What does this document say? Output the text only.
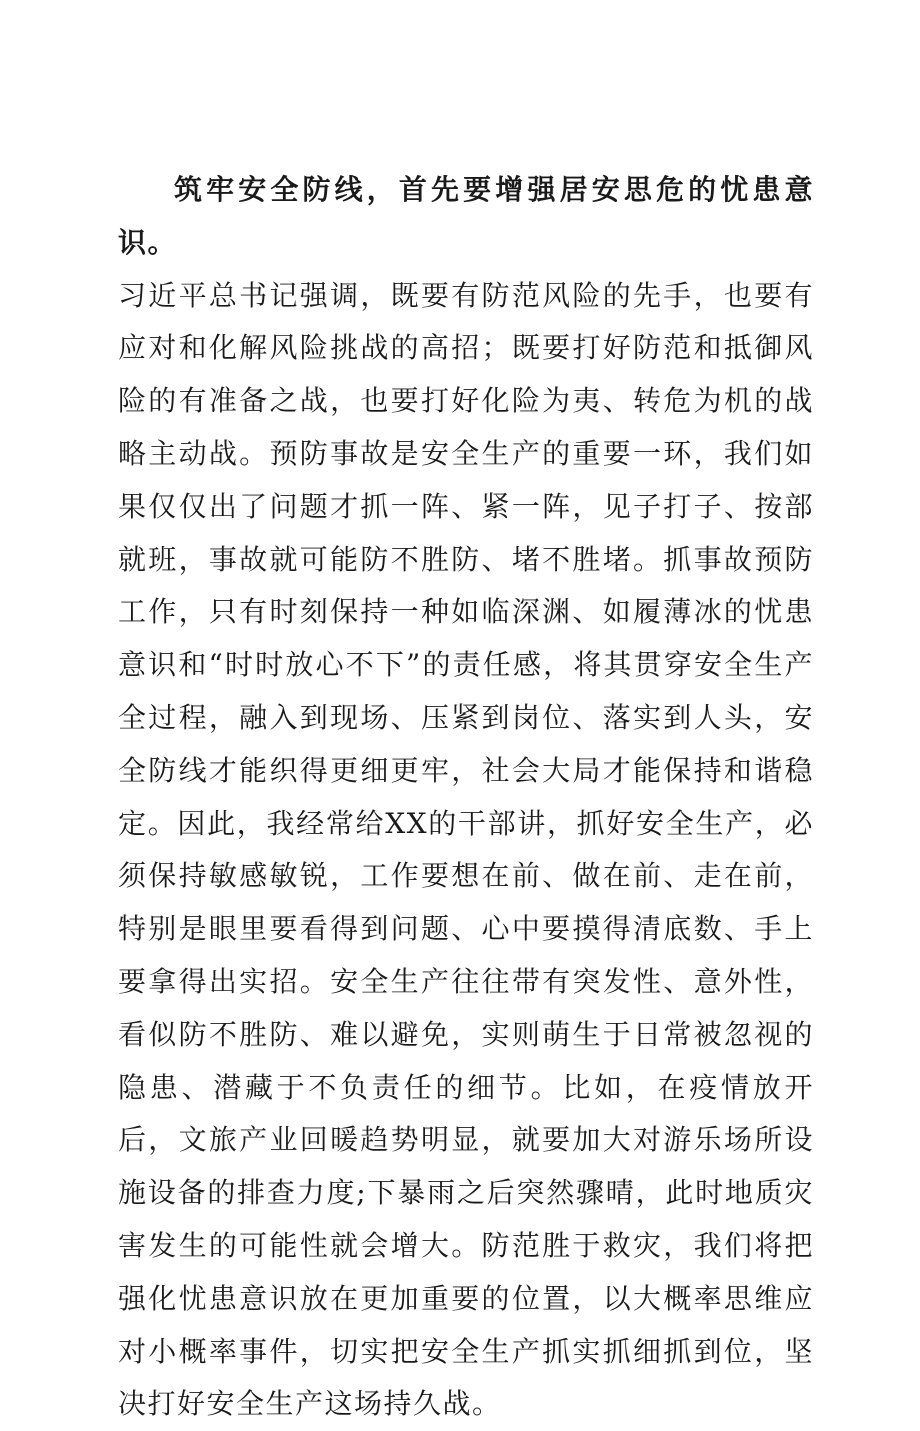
筑牢安全防线，首先要增强居安思危的忧患意识。

习近平总书记强调，既要有防范风险的先手，也要有应对和化解风险挑战的高招；既要打好防范和抵御风险的有准备之战，也要打好化险为夷、转危为机的战略主动战。预防事故是安全生产的重要一环，我们如果仅仅出了问题才抓一阵、紧一阵，见子打子、按部就班，事故就可能防不胜防、堵不胜堵。抓事故预防工作，只有时刻保持一种如临深渊、如履薄冰的忧患意识和“时时放心不下”的责任感，将其贯穿安全生产全过程，融入到现场、压紧到岗位、落实到人头，安全防线才能织得更细更牢，社会大局才能保持和谐稳定。因此，我经常给XX的干部讲，抓好安全生产，必须保持敏感敏锐，工作要想在前、做在前、走在前，特别是眼里要看得到问题、心中要摸得清底数、手上要拿得出实招。安全生产往往带有突发性、意外性，看似防不胜防、难以避免，实则萌生于日常被忽视的隐患、潜藏于不负责任的细节。比如，在疫情放开后，文旅产业回暖趋势明显，就要加大对游乐场所设施设备的排查力度;下暴雨之后突然骤晴，此时地质灾害发生的可能性就会增大。防范胜于救灾，我们将把强化忧患意识放在更加重要的位置，以大概率思维应对小概率事件，切实把安全生产抓实抓细抓到位，坚决打好安全生产这场持久战。
